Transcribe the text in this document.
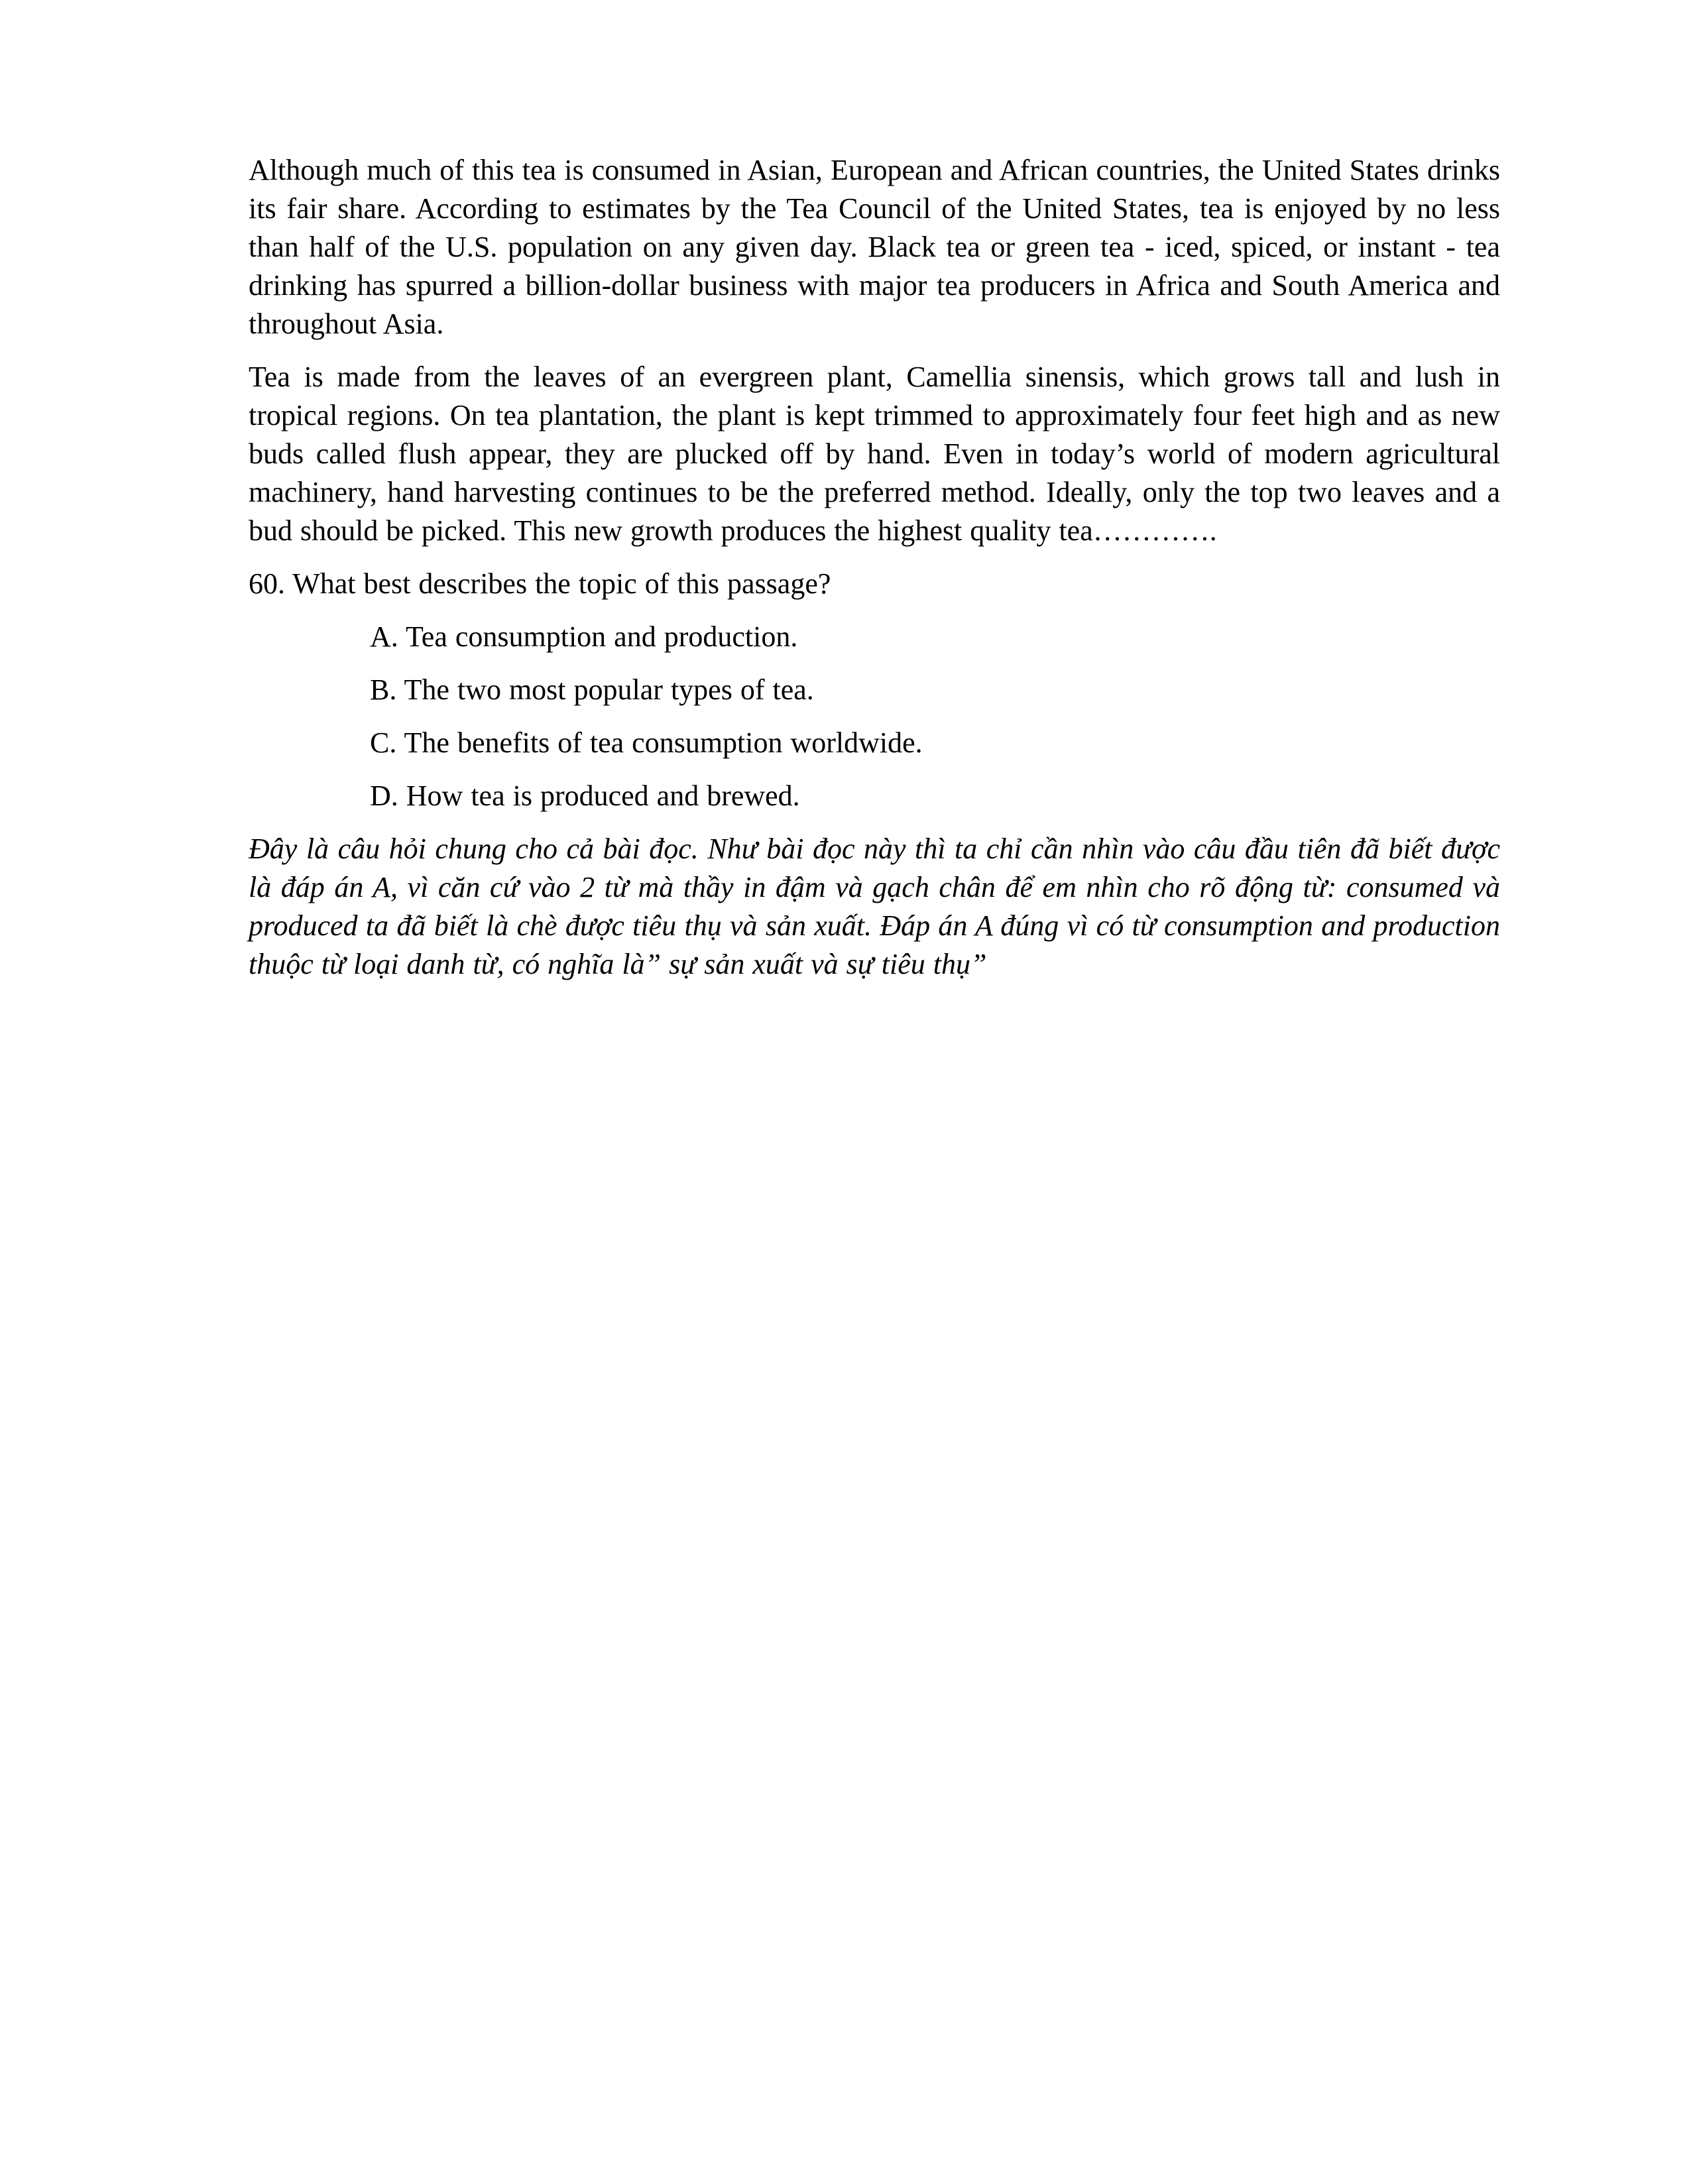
Although much of this tea is consumed in Asian, European and African countries, the United States drinks its fair share. According to estimates by the Tea Council of the United States, tea is enjoyed by no less than half of the U.S. population on any given day. Black tea or green tea - iced, spiced, or instant - tea drinking has spurred a billion-dollar business with major tea producers in Africa and South America and throughout Asia.

Tea is made from the leaves of an evergreen plant, Camellia sinensis, which grows tall and lush in tropical regions. On tea plantation, the plant is kept trimmed to approximately four feet high and as new buds called flush appear, they are plucked off by hand. Even in today’s world of modern agricultural machinery, hand harvesting continues to be the preferred method. Ideally, only the top two leaves and a bud should be picked. This new growth produces the highest quality tea………….

60. What best describes the topic of this passage?

A. Tea consumption and production.

B. The two most popular types of tea.

C. The benefits of tea consumption worldwide.

D. How tea is produced and brewed.

Đây là câu hỏi chung cho cả bài đọc. Như bài đọc này thì ta chỉ cần nhìn vào câu đầu tiên đã biết được là đáp án A, vì căn cứ vào 2 từ mà thầy in đậm và gạch chân để em nhìn cho rõ động từ: consumed và produced ta đã biết là chè được tiêu thụ và sản xuất. Đáp án A đúng vì có từ consumption and production thuộc từ loại danh từ, có nghĩa là” sự sản xuất và sự tiêu thụ”
